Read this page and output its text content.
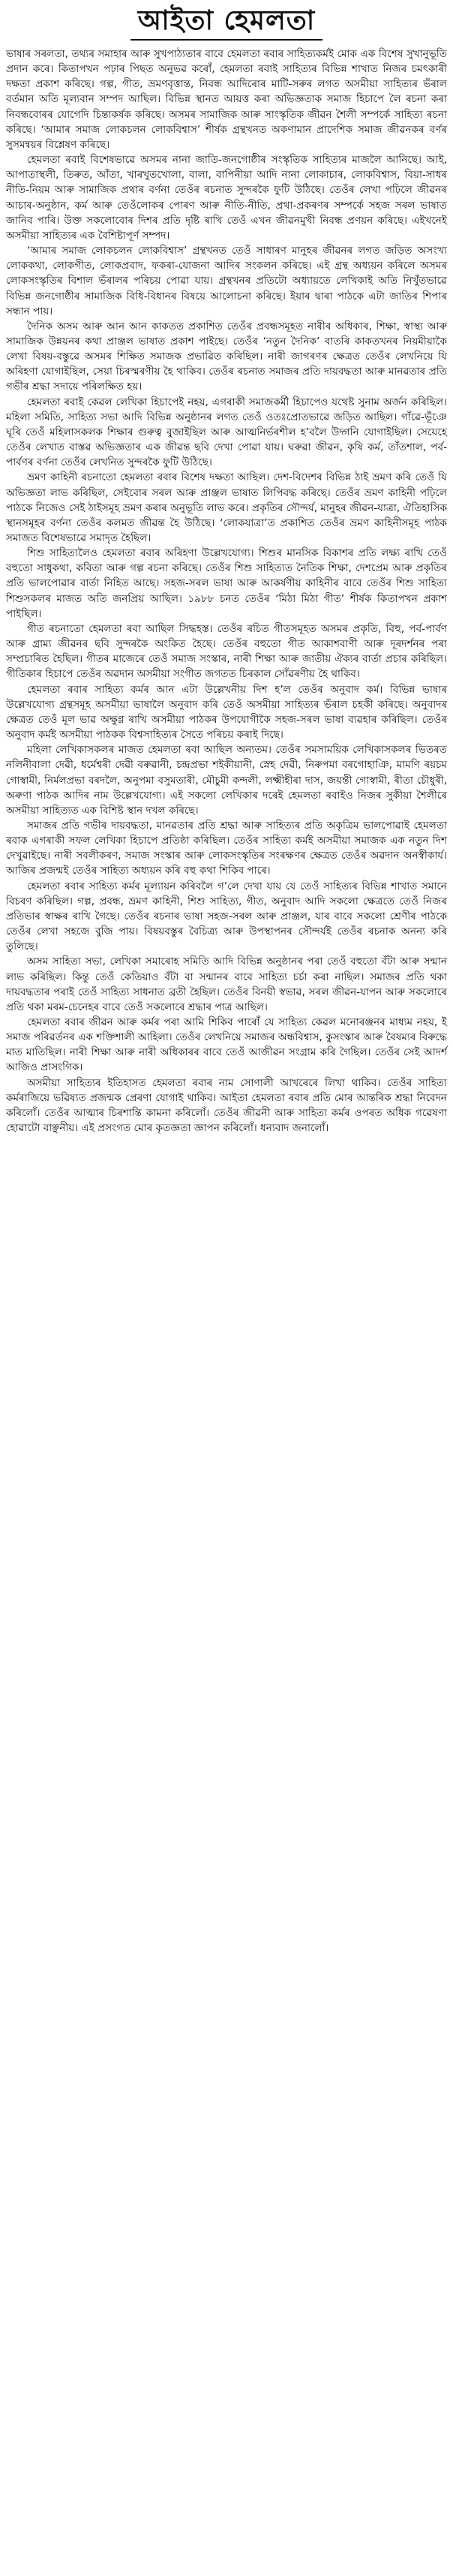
আইতা হেমলতা

ভাষাৰ সৰলতা, তথ্যৰ সমাহাৰ আৰু সুখপাঠ্যতাৰ বাবে হেমলতা ৰবাৰ সাহিত্যকৰ্মই মোক এক বিশেষ সুখানুভূতি প্ৰদান কৰে। কিতাপখন পঢ়াৰ পিছত অনুভৱ কৰোঁ, হেমলতা ৰবাই সাহিত্যৰ বিভিন্ন শাখাত নিজৰ চমৎকাৰী দক্ষতা প্ৰকাশ কৰিছে। গল্প, গীত, ভ্ৰমণবৃত্তান্ত, নিবন্ধ আদিৰোৰ মাটি-সৰুৰ লগত অসমীয়া সাহিত্যৰ ভঁৰাল বৰ্তমান অতি মূল্যবান সম্পদ আছিল। বিভিন্ন স্থানত আয়ত্ত কৰা অভিজ্ঞতাক সমাজ হিচাপে লৈ ৰচনা কৰা নিবন্ধবোৰৰ যোগেদি চিন্তাকৰ্ষক কৰিছে। অসমৰ সামাজিক আৰু সাংস্কৃতিক জীৱন শৈলী সম্পৰ্কে সাহিত্য ৰচনা কৰিছে। ‘আমাৰ সমাজ লোকচলন লোকবিশ্বাস’ শীৰ্ষক গ্ৰন্থখনত অকণামান প্ৰাদেশিক সমাজ জীৱনকৰ বৰ্ণৰ সুসমন্বয়ৰ বিশ্লেষণ কৰিছে।

হেমলতা ৰবাই বিশেষভাৱে অসমৰ নানা জাতি-জনগোষ্ঠীৰ সংস্কৃতিক সাহিত্যৰ মাজলৈ আনিছে। আই, আপাতাস্থলী, তিৰুত, আঁতা, খাৰখুতখোলা, বালা, বাপিনীয়া আদি নানা লোকাচাৰ, লোকবিশ্বাস, বিয়া-সাধৰ নীতি-নিয়ম আৰু সামাজিক প্ৰথাৰ বৰ্ণনা তেওঁৰ ৰচনাত সুন্দৰকৈ ফুটি উঠিছে। তেওঁৰ লেখা পঢ়িলে জীৱনৰ আচাৰ-অনুষ্ঠান, কৰ্ম আৰু তেওঁলোকৰ পোৰণ আৰু নীতি-নীতি, প্ৰথা-প্ৰকৰণৰ সম্পৰ্কে সহজ সৰল ভাষাত জানিব পাৰি। উক্ত সকলোবোৰ দিশৰ প্ৰতি দৃষ্টি ৰাখি তেওঁ এখন জীৱনমুখী নিবন্ধ প্ৰণয়ন কৰিছে। এইখনেই অসমীয়া সাহিত্যৰ এক বৈশিষ্ট্যপূৰ্ণ সম্পদ।

‘আমাৰ সমাজ লোকচলন লোকবিশ্বাস’ গ্ৰন্থখনত তেওঁ সাধাৰণ মানুহৰ জীৱনৰ লগত জড়িত অসংখ্য লোককথা, লোকগীত, লোকপ্ৰবাদ, ফকৰা-যোজনা আদিৰ সংকলন কৰিছে। এই গ্ৰন্থ অধ্যয়ন কৰিলে অসমৰ লোকসংস্কৃতিৰ বিশাল ভঁৰালৰ পৰিচয় পোৱা যায়। গ্ৰন্থখনৰ প্ৰতিটো অধ্যায়তে লেখিকাই অতি নিখুঁতভাৱে বিভিন্ন জনগোষ্ঠীৰ সামাজিক বিধি-বিধানৰ বিষয়ে আলোচনা কৰিছে। ইয়াৰ দ্বাৰা পাঠকে এটা জাতিৰ শিপাৰ সন্ধান পায়।

দৈনিক অসম আৰু আন আন কাকতত প্ৰকাশিত তেওঁৰ প্ৰবন্ধসমূহত নাৰীৰ অধিকাৰ, শিক্ষা, স্বাস্থ্য আৰু সামাজিক উন্নয়নৰ কথা প্ৰাঞ্জল ভাষাত প্ৰকাশ পাইছে। তেওঁৰ ‘নতুন দৈনিক’ বাতৰি কাকতখনৰ নিয়মীয়াকৈ লেখা বিষয়-বস্তুৱে অসমৰ শিক্ষিত সমাজক প্ৰভাৱিত কৰিছিল। নাৰী জাগৰণৰ ক্ষেত্ৰত তেওঁৰ লেখনিয়ে যি অৰিহণা যোগাইছিল, সেয়া চিৰস্মৰণীয় হৈ থাকিব। তেওঁৰ ৰচনাত সমাজৰ প্ৰতি দায়বদ্ধতা আৰু মানৱতাৰ প্ৰতি গভীৰ শ্ৰদ্ধা সদায়ে পৰিলক্ষিত হয়।

হেমলতা ৰবাই কেৱল লেখিকা হিচাপেই নহয়, এগৰাকী সমাজকৰ্মী হিচাপেও যথেষ্ট সুনাম অৰ্জন কৰিছিল। মহিলা সমিতি, সাহিত্য সভা আদি বিভিন্ন অনুষ্ঠানৰ লগত তেওঁ ওতঃপ্ৰোতভাৱে জড়িত আছিল। গাঁৱে-ভূঁঞে ঘূৰি তেওঁ মহিলাসকলক শিক্ষাৰ গুৰুত্ব বুজাইছিল আৰু আত্মনিৰ্ভৰশীল হ’বলৈ উদ্গনি যোগাইছিল। সেয়েহে তেওঁৰ লেখাত বাস্তৱ অভিজ্ঞতাৰ এক জীৱন্ত ছবি দেখা পোৱা যায়। ঘৰুৱা জীৱন, কৃষি কৰ্ম, তাঁতশাল, পৰ্ব-পাৰ্বণৰ বৰ্ণনা তেওঁৰ লেখনিত সুন্দৰকৈ ফুটি উঠিছে।

ভ্ৰমণ কাহিনী ৰচনাতো হেমলতা ৰবাৰ বিশেষ দক্ষতা আছিল। দেশ-বিদেশৰ বিভিন্ন ঠাই ভ্ৰমণ কৰি তেওঁ যি অভিজ্ঞতা লাভ কৰিছিল, সেইবোৰ সৰল আৰু প্ৰাঞ্জল ভাষাত লিপিবদ্ধ কৰিছে। তেওঁৰ ভ্ৰমণ কাহিনী পঢ়িলে পাঠকে নিজেও সেই ঠাইসমূহ ভ্ৰমণ কৰাৰ অনুভূতি লাভ কৰে। প্ৰকৃতিৰ সৌন্দৰ্য, মানুহৰ জীৱন-যাত্ৰা, ঐতিহাসিক স্থানসমূহৰ বৰ্ণনা তেওঁৰ কলমত জীৱন্ত হৈ উঠিছে। ‘লোকযাত্ৰা’ত প্ৰকাশিত তেওঁৰ ভ্ৰমণ কাহিনীসমূহ পাঠক সমাজত বিশেষভাৱে সমাদৃত হৈছিল।

শিশু সাহিত্যলৈও হেমলতা ৰবাৰ অৰিহণা উল্লেখযোগ্য। শিশুৰ মানসিক বিকাশৰ প্ৰতি লক্ষ্য ৰাখি তেওঁ বহুতো সাধুকথা, কবিতা আৰু গল্প ৰচনা কৰিছে। তেওঁৰ শিশু সাহিত্যত নৈতিক শিক্ষা, দেশপ্ৰেম আৰু প্ৰকৃতিৰ প্ৰতি ভালপোৱাৰ বাৰ্তা নিহিত আছে। সহজ-সৰল ভাষা আৰু আকৰ্ষণীয় কাহিনীৰ বাবে তেওঁৰ শিশু সাহিত্য শিশুসকলৰ মাজত অতি জনপ্ৰিয় আছিল। ১৯৮৮ চনত তেওঁৰ ‘মিঠা মিঠা গীত’ শীৰ্ষক কিতাপখন প্ৰকাশ পাইছিল।

গীত ৰচনাতো হেমলতা ৰবা আছিল সিদ্ধহস্ত। তেওঁৰ ৰচিত গীতসমূহত অসমৰ প্ৰকৃতি, বিহু, পৰ্ব-পাৰ্বণ আৰু গ্ৰাম্য জীৱনৰ ছবি সুন্দৰকৈ অংকিত হৈছে। তেওঁৰ বহুতো গীত আকাশবাণী আৰু দূৰদৰ্শনৰ পৰা সম্প্ৰচাৰিত হৈছিল। গীতৰ মাজেৰে তেওঁ সমাজ সংস্কাৰ, নাৰী শিক্ষা আৰু জাতীয় ঐক্যৰ বাৰ্তা প্ৰচাৰ কৰিছিল। গীতিকাৰ হিচাপে তেওঁৰ অৱদান অসমীয়া সংগীত জগতত চিৰকাল সোঁৱৰণীয় হৈ থাকিব।

হেমলতা ৰবাৰ সাহিত্য কৰ্মৰ আন এটা উল্লেখনীয় দিশ হ’ল তেওঁৰ অনুবাদ কৰ্ম। বিভিন্ন ভাষাৰ উল্লেখযোগ্য গ্ৰন্থসমূহ অসমীয়া ভাষালৈ অনুবাদ কৰি তেওঁ অসমীয়া সাহিত্যৰ ভঁৰাল চহকী কৰিছে। অনুবাদৰ ক্ষেত্ৰত তেওঁ মূল ভাৱ অক্ষুণ্ণ ৰাখি অসমীয়া পাঠকৰ উপযোগীকৈ সহজ-সৰল ভাষা ব্যৱহাৰ কৰিছিল। তেওঁৰ অনুবাদ কৰ্মই অসমীয়া পাঠকক বিশ্বসাহিত্যৰ সৈতে পৰিচয় কৰাই দিছে।

মহিলা লেখিকাসকলৰ মাজত হেমলতা ৰবা আছিল অন্যতম। তেওঁৰ সমসাময়িক লেখিকাসকলৰ ভিতৰত নলিনীবালা দেৱী, ধৰ্মেশ্বৰী দেৱী বৰুৱানী, চন্দ্ৰপ্ৰভা শইকীয়ানী, স্নেহ দেৱী, নিৰুপমা বৰগোহাঞি, মামণি ৰয়চম গোস্বামী, নিৰ্মলপ্ৰভা বৰদলৈ, অনুপমা বসুমতাৰী, মৌচুমী কন্দলী, লক্ষ্মীহীৰা দাস, জয়ন্তী গোস্বামী, ৰীতা চৌধুৰী, অৰুণা পাঠক আদিৰ নাম উল্লেখযোগ্য। এই সকলো লেখিকাৰ দৰেই হেমলতা ৰবাইও নিজৰ সুকীয়া শৈলীৰে অসমীয়া সাহিত্যত এক বিশিষ্ট স্থান দখল কৰিছে।

সমাজৰ প্ৰতি গভীৰ দায়বদ্ধতা, মানৱতাৰ প্ৰতি শ্ৰদ্ধা আৰু সাহিত্যৰ প্ৰতি অকৃত্ৰিম ভালপোৱাই হেমলতা ৰবাক এগৰাকী সফল লেখিকা হিচাপে প্ৰতিষ্ঠা কৰিছিল। তেওঁৰ সাহিত্য কৰ্মই অসমীয়া সমাজক এক নতুন দিশ দেখুৱাইছে। নাৰী সবলীকৰণ, সমাজ সংস্কাৰ আৰু লোকসংস্কৃতিৰ সংৰক্ষণৰ ক্ষেত্ৰত তেওঁৰ অৱদান অনস্বীকাৰ্য। আজিৰ প্ৰজন্মই তেওঁৰ সাহিত্য অধ্যয়ন কৰি বহু কথা শিকিব পাৰে।

হেমলতা ৰবাৰ সাহিত্য কৰ্মৰ মূল্যায়ন কৰিবলৈ গ’লে দেখা যায় যে তেওঁ সাহিত্যৰ বিভিন্ন শাখাত সমানে বিচৰণ কৰিছিল। গল্প, প্ৰবন্ধ, ভ্ৰমণ কাহিনী, শিশু সাহিত্য, গীত, অনুবাদ আদি সকলো ক্ষেত্ৰতে তেওঁ নিজৰ প্ৰতিভাৰ স্বাক্ষৰ ৰাখি গৈছে। তেওঁৰ ৰচনাৰ ভাষা সহজ-সৰল আৰু প্ৰাঞ্জল, যাৰ বাবে সকলো শ্ৰেণীৰ পাঠকে তেওঁৰ লেখা সহজে বুজি পায়। বিষয়বস্তুৰ বৈচিত্ৰ্য আৰু উপস্থাপনৰ সৌন্দৰ্যই তেওঁৰ ৰচনাক অনন্য কৰি তুলিছে।

অসম সাহিত্য সভা, লেখিকা সমাৰোহ সমিতি আদি বিভিন্ন অনুষ্ঠানৰ পৰা তেওঁ বহুতো বঁটা আৰু সন্মান লাভ কৰিছিল। কিন্তু তেওঁ কেতিয়াও বঁটা বা সন্মানৰ বাবে সাহিত্য চৰ্চা কৰা নাছিল। সমাজৰ প্ৰতি থকা দায়বদ্ধতাৰ পৰাই তেওঁ সাহিত্য সাধনাত ব্ৰতী হৈছিল। তেওঁৰ বিনয়ী স্বভাৱ, সৰল জীৱন-যাপন আৰু সকলোৰে প্ৰতি থকা মৰম-চেনেহৰ বাবে তেওঁ সকলোৰে শ্ৰদ্ধাৰ পাত্ৰ আছিল।

হেমলতা ৰবাৰ জীৱন আৰু কৰ্মৰ পৰা আমি শিকিব পাৰোঁ যে সাহিত্য কেৱল মনোৰঞ্জনৰ মাধ্যম নহয়, ই সমাজ পৰিৱৰ্তনৰ এক শক্তিশালী আহিলা। তেওঁৰ লেখনিয়ে সমাজৰ অন্ধবিশ্বাস, কুসংস্কাৰ আৰু বৈষম্যৰ বিৰুদ্ধে মাত মাতিছিল। নাৰী শিক্ষা আৰু নাৰী অধিকাৰৰ বাবে তেওঁ আজীৱন সংগ্ৰাম কৰি গৈছিল। তেওঁৰ সেই আদৰ্শ আজিও প্ৰাসংগিক।

অসমীয়া সাহিত্যৰ ইতিহাসত হেমলতা ৰবাৰ নাম সোণালী আখৰেৰে লিখা থাকিব। তেওঁৰ সাহিত্য কৰ্মৰাজিয়ে ভৱিষ্যত প্ৰজন্মক প্ৰেৰণা যোগাই থাকিব। আইতা হেমলতা ৰবাৰ প্ৰতি মোৰ আন্তৰিক শ্ৰদ্ধা নিবেদন কৰিলোঁ। তেওঁৰ আত্মাৰ চিৰশান্তি কামনা কৰিলোঁ। তেওঁৰ জীৱনী আৰু সাহিত্য কৰ্মৰ ওপৰত অধিক গৱেষণা হোৱাটো বাঞ্ছনীয়। এই প্ৰসংগত মোৰ কৃতজ্ঞতা জ্ঞাপন কৰিলোঁ। ধন্যবাদ জনালোঁ।
